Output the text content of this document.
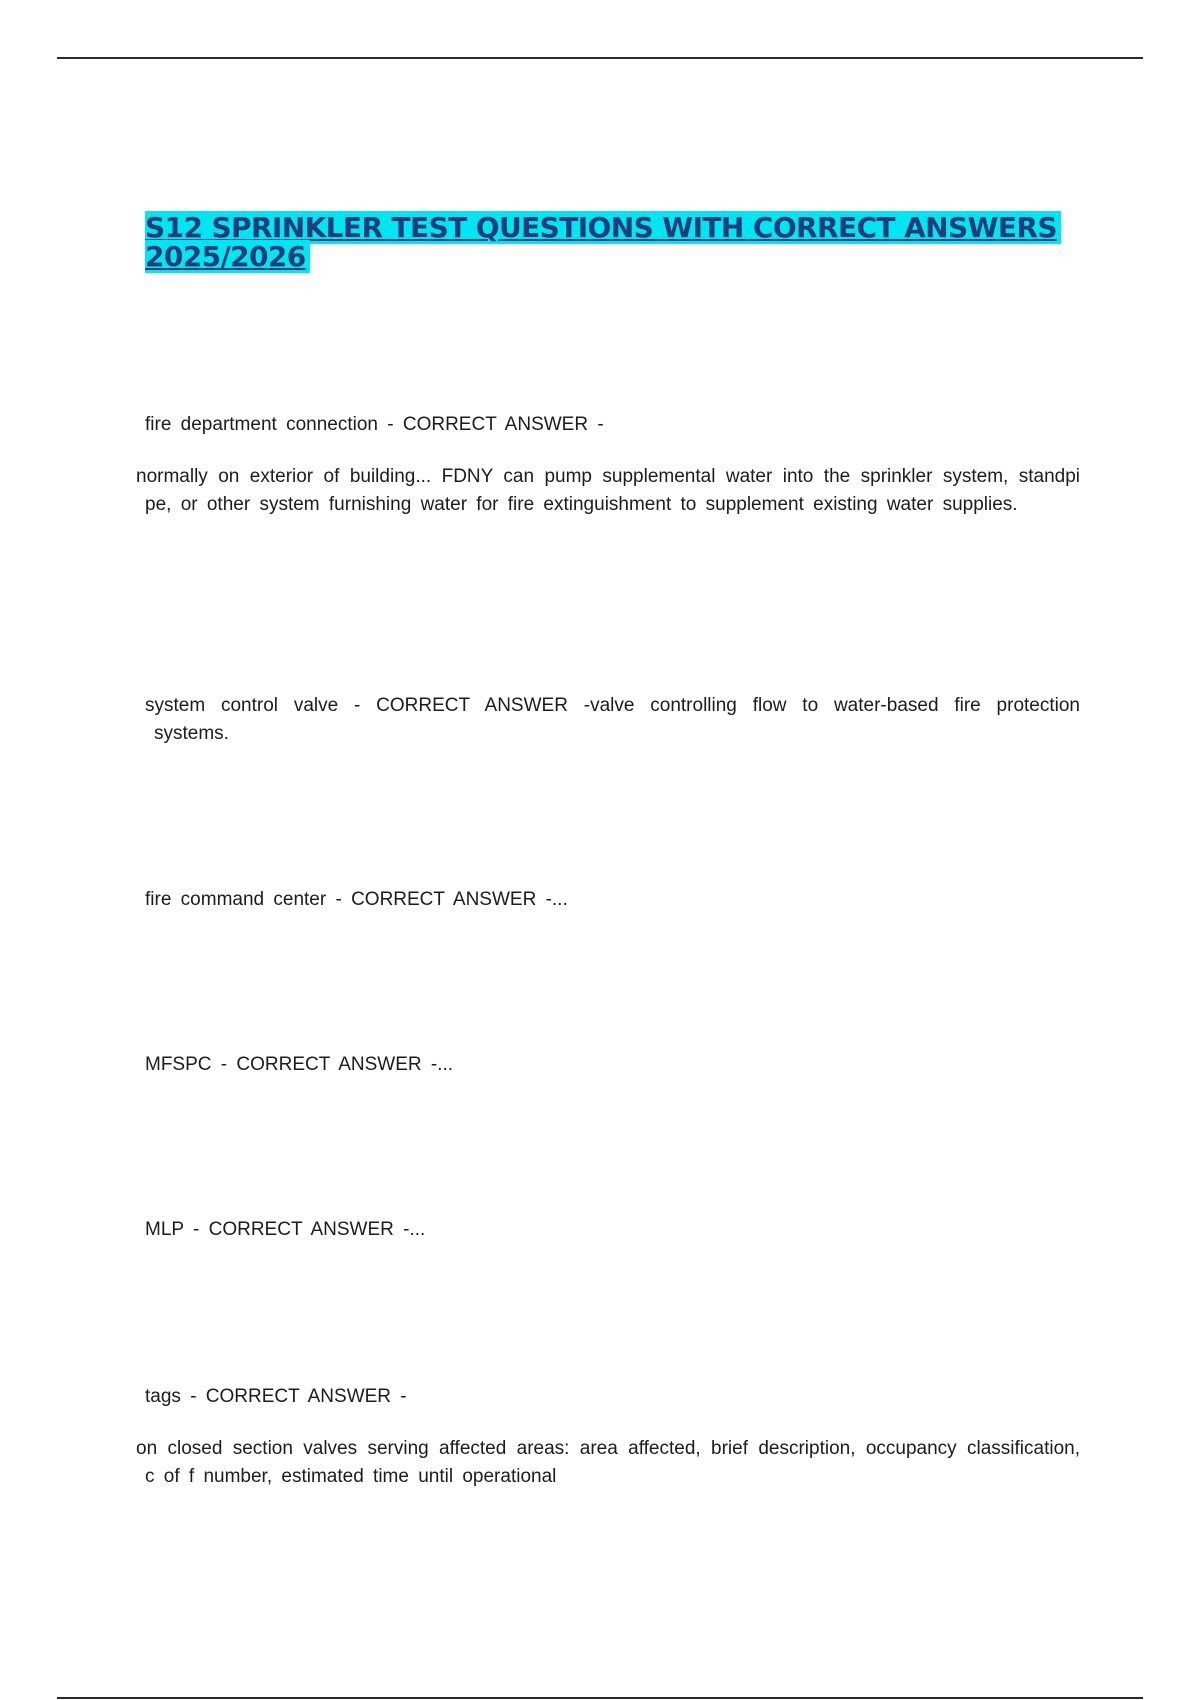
S12 SPRINKLER TEST QUESTIONS WITH CORRECT ANSWERS 2025/2026

fire department connection - CORRECT ANSWER -

normally on exterior of building... FDNY can pump supplemental water into the sprinkler system, standpi pe, or other system furnishing water for fire extinguishment to supplement existing water supplies.

system control valve - CORRECT ANSWER -valve controlling flow to water-based fire protection systems.

fire command center - CORRECT ANSWER -...

MFSPC - CORRECT ANSWER -...

MLP - CORRECT ANSWER -...

tags - CORRECT ANSWER -

on closed section valves serving affected areas: area affected, brief description, occupancy classification, c of f number, estimated time until operational
